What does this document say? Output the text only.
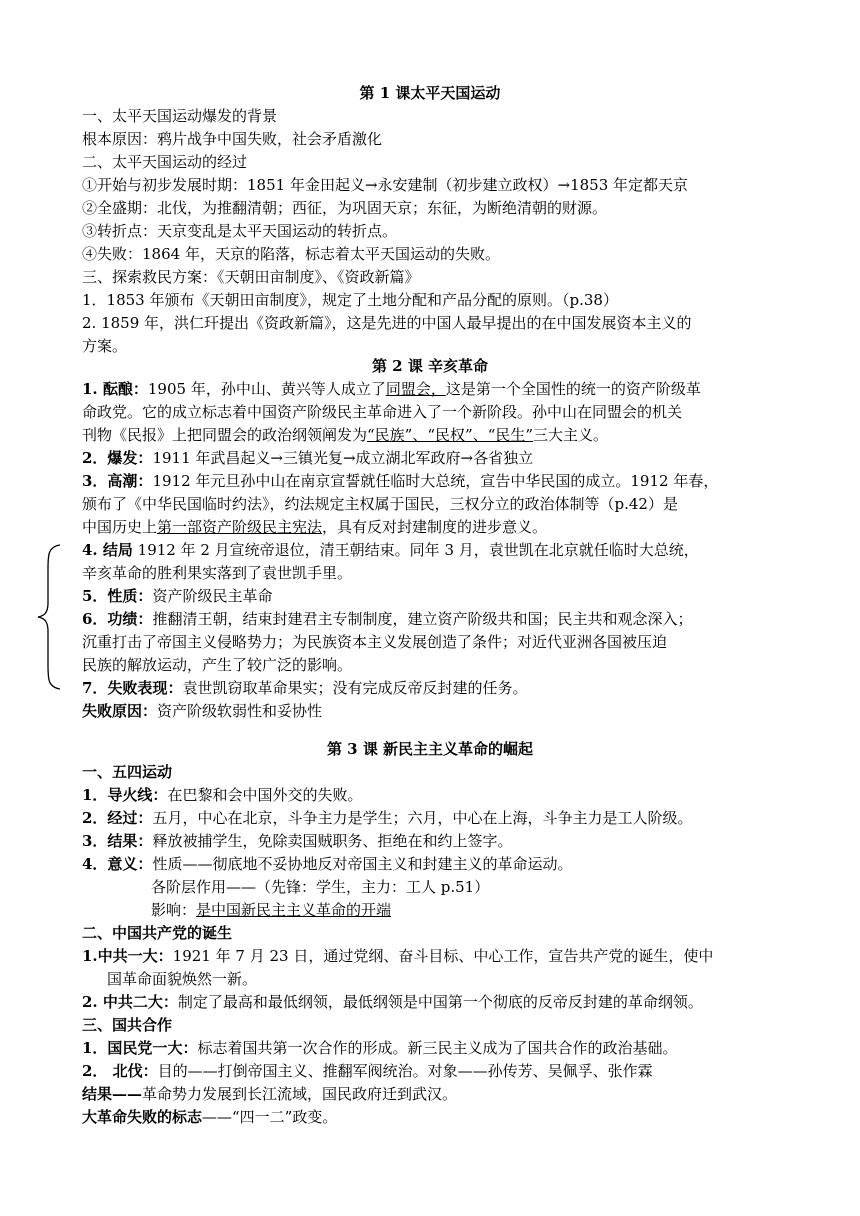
第 1 课太平天国运动
一、太平天国运动爆发的背景
根本原因：鸦片战争中国失败，社会矛盾激化
二、太平天国运动的经过
①开始与初步发展时期：1851 年金田起义→永安建制（初步建立政权）→1853 年定都天京
②全盛期：北伐，为推翻清朝；西征，为巩固天京；东征，为断绝清朝的财源。
③转折点：天京变乱是太平天国运动的转折点。
④失败：1864 年，天京的陷落，标志着太平天国运动的失败。
三、探索救民方案：《天朝田亩制度》、《资政新篇》
1．1853 年颁布《天朝田亩制度》，规定了土地分配和产品分配的原则。（p.38）
2. 1859 年，洪仁玕提出《资政新篇》，这是先进的中国人最早提出的在中国发展资本主义的
方案。
第 2 课 辛亥革命
1. 酝酿：1905 年，孙中山、黄兴等人成立了同盟会，这是第一个全国性的统一的资产阶级革
命政党。它的成立标志着中国资产阶级民主革命进入了一个新阶段。孙中山在同盟会的机关
刊物《民报》上把同盟会的政治纲领阐发为“民族”、“民权”、“民生”三大主义。
2．爆发：1911 年武昌起义→三镇光复→成立湖北军政府→各省独立
3．高潮：1912 年元旦孙中山在南京宣誓就任临时大总统，宣告中华民国的成立。1912 年春，
颁布了《中华民国临时约法》，约法规定主权属于国民，三权分立的政治体制等（p.42）是
中国历史上第一部资产阶级民主宪法，具有反对封建制度的进步意义。
4. 结局 1912 年 2 月宣统帝退位，清王朝结束。同年 3 月，袁世凯在北京就任临时大总统，
辛亥革命的胜利果实落到了袁世凯手里。
5．性质：资产阶级民主革命
6．功绩：推翻清王朝，结束封建君主专制制度，建立资产阶级共和国；民主共和观念深入；
沉重打击了帝国主义侵略势力；为民族资本主义发展创造了条件；对近代亚洲各国被压迫
民族的解放运动，产生了较广泛的影响。
7．失败表现：袁世凯窃取革命果实；没有完成反帝反封建的任务。
失败原因：资产阶级软弱性和妥协性
第 3 课 新民主主义革命的崛起
一、五四运动
1．导火线：在巴黎和会中国外交的失败。
2．经过：五月，中心在北京，斗争主力是学生；六月，中心在上海，斗争主力是工人阶级。
3．结果：释放被捕学生，免除卖国贼职务、拒绝在和约上签字。
4．意义：性质——彻底地不妥协地反对帝国主义和封建主义的革命运动。
各阶层作用——（先锋：学生，主力：工人 p.51）
影响：是中国新民主主义革命的开端
二、中国共产党的诞生
1.中共一大：1921 年 7 月 23 日，通过党纲、奋斗目标、中心工作，宣告共产党的诞生，使中
国革命面貌焕然一新。
2. 中共二大：制定了最高和最低纲领，最低纲领是中国第一个彻底的反帝反封建的革命纲领。
三、国共合作
1．国民党一大：标志着国共第一次合作的形成。新三民主义成为了国共合作的政治基础。
2． 北伐：目的——打倒帝国主义、推翻军阀统治。对象——孙传芳、吴佩孚、张作霖
结果——革命势力发展到长江流域，国民政府迁到武汉。
大革命失败的标志——“四一二”政变。
